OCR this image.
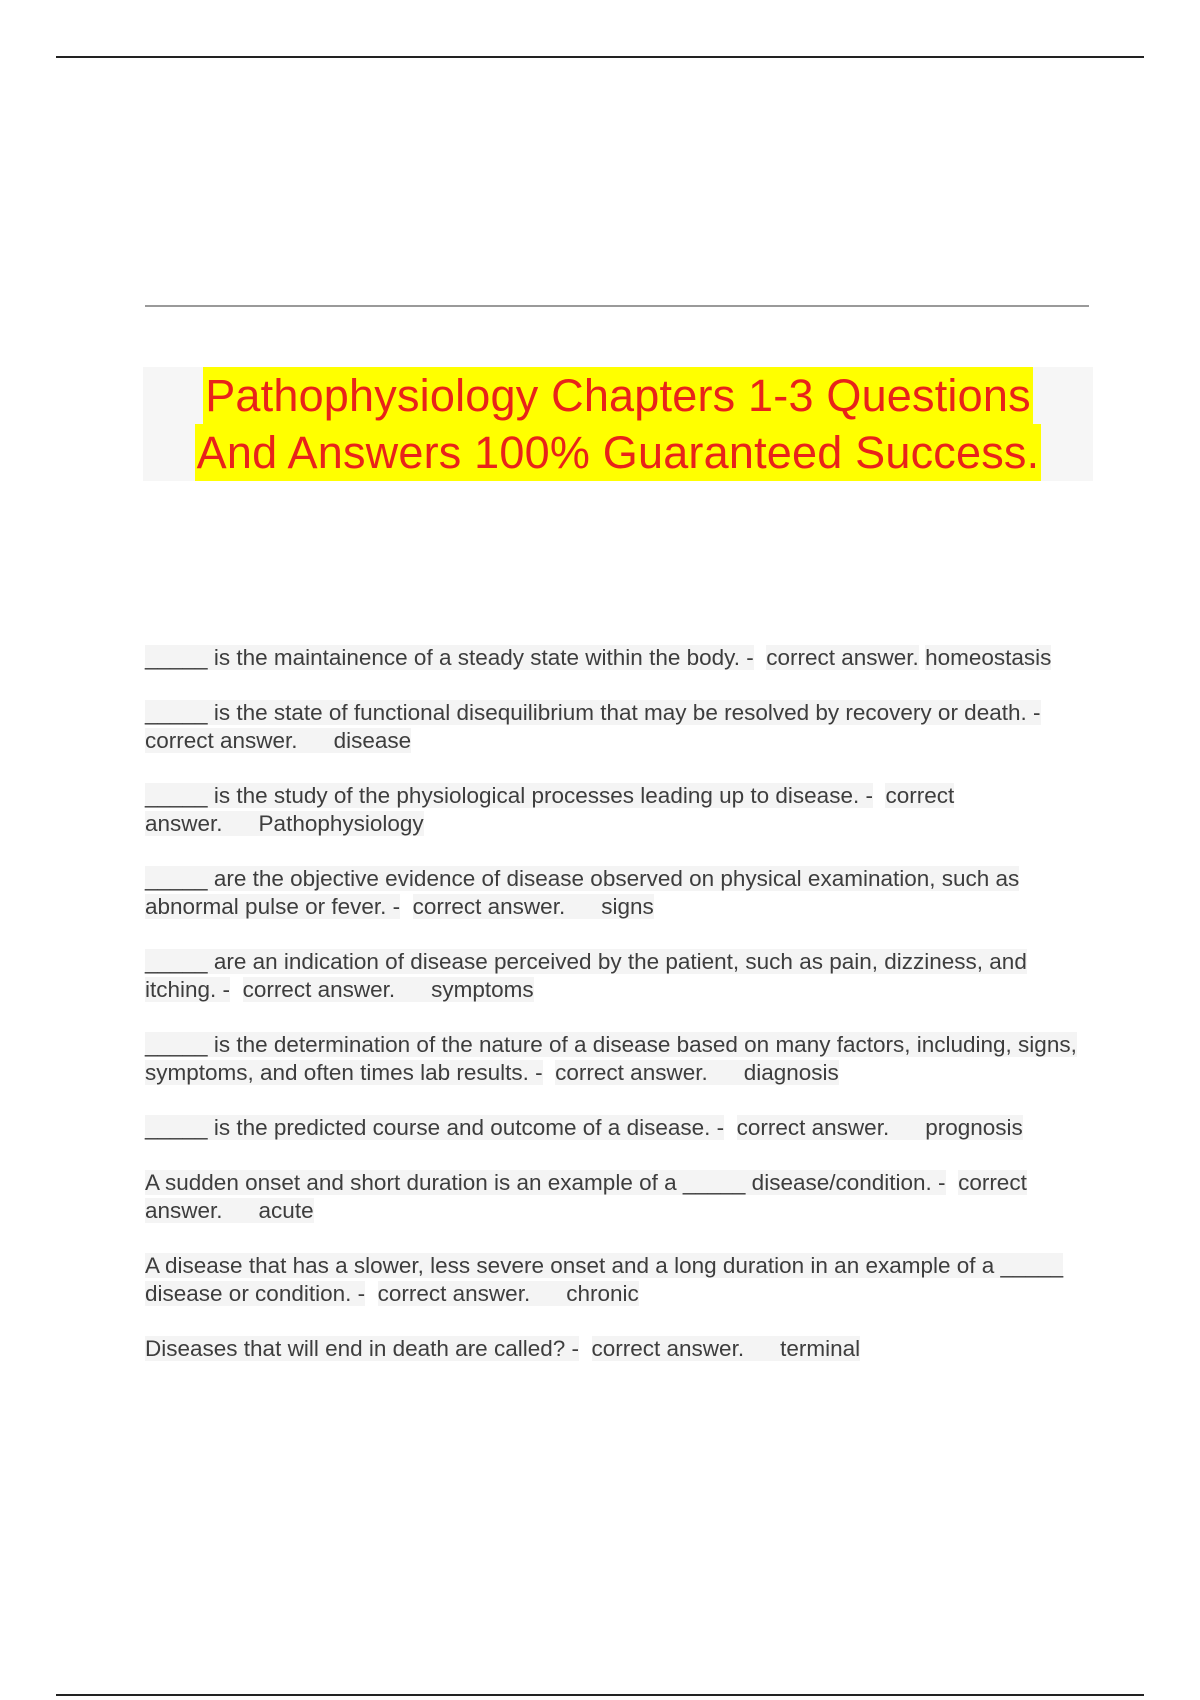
Pathophysiology Chapters 1-3 Questions
And Answers 100% Guaranteed Success.

_____ is the maintainence of a steady state within the body. - correct answer. homeostasis

_____ is the state of functional disequilibrium that may be resolved by recovery or death. -  correct answer. disease

_____ is the study of the physiological processes leading up to disease. - correct answer. Pathophysiology

_____ are the objective evidence of disease observed on physical examination, such as abnormal pulse or fever. - correct answer. signs

_____ are an indication of disease perceived by the patient, such as pain, dizziness, and itching. - correct answer. symptoms

_____ is the determination of the nature of a disease based on many factors, including, signs, symptoms, and often times lab results. - correct answer. diagnosis

_____ is the predicted course and outcome of a disease. - correct answer. prognosis

A sudden onset and short duration is an example of a _____ disease/condition. - correct answer. acute

A disease that has a slower, less severe onset and a long duration in an example of a _____ disease or condition. - correct answer. chronic

Diseases that will end in death are called? - correct answer. terminal
